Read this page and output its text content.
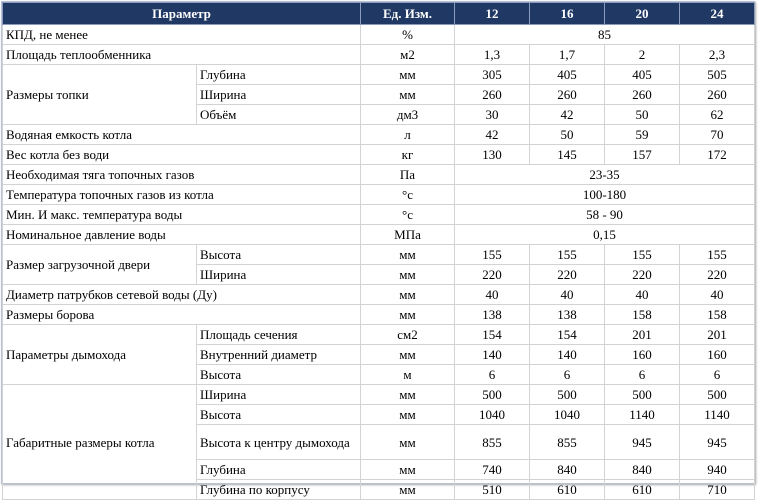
Параметр		Ед. Изм.	12	16	20	24
КПД, не менее		%	85			
Площадь теплообменника		м2	1,3	1,7	2	2,3
Размеры топки	Глубина	мм	305	405	405	505
	Ширина	мм	260	260	260	260
	Объём	дм3	30	42	50	62
Водяная емкость котла		л	42	50	59	70
Вес котла без води		кг	130	145	157	172
Необходимая тяга топочных газов		Па	23-35			
Температура топочных газов из котла		°с	100-180			
Мин. И макс. температура воды		°с	58 - 90			
Номинальное давление воды		МПа	0,15			
Размер загрузочной двери	Высота	мм	155	155	155	155
	Ширина	мм	220	220	220	220
Диаметр патрубков сетевой воды (Ду)		мм	40	40	40	40
Размеры борова		мм	138	138	158	158
Параметры дымохода	Площадь сечения	см2	154	154	201	201
	Внутренний диаметр	мм	140	140	160	160
	Высота	м	6	6	6	6
Габаритные размеры котла	Ширина	мм	500	500	500	500
	Высота	мм	1040	1040	1140	1140
	Высота к центру дымохода	мм	855	855	945	945
	Глубина	мм	740	840	840	940
	Глубина по корпусу	мм	510	610	610	710
